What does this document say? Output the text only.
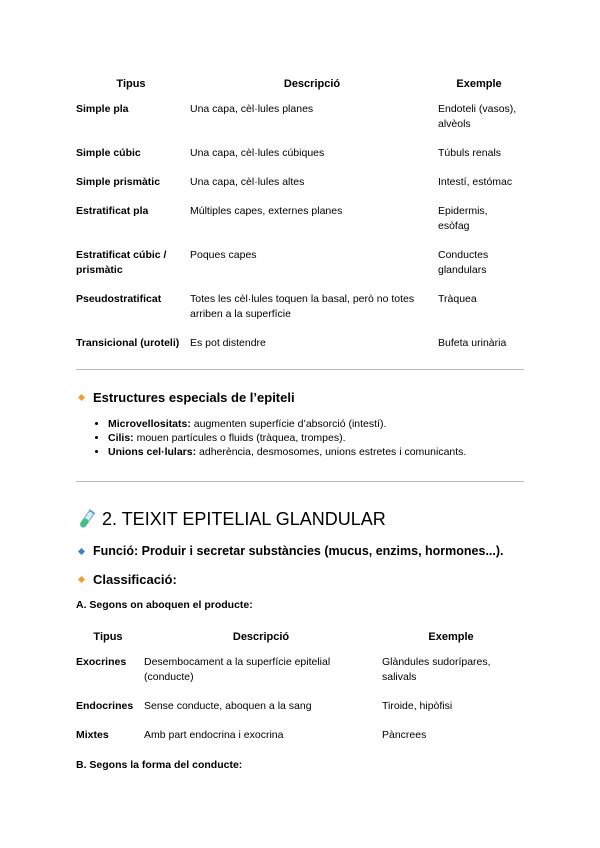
Tipus	Descripció	Exemple
Simple pla	Una capa, cèl·lules planes	Endoteli (vasos), alvèols
Simple cúbic	Una capa, cèl·lules cúbiques	Túbuls renals
Simple prismàtic	Una capa, cèl·lules altes	Intestí, estómac
Estratificat pla	Múltiples capes, externes planes	Epidermis, esòfag
Estratificat cúbic / prismàtic	Poques capes	Conductes glandulars
Pseudostratificat	Totes les cèl·lules toquen la basal, però no totes arriben a la superfície	Tràquea
Transicional (uroteli)	Es pot distendre	Bufeta urinària
Estructures especials de l’epiteli
• Microvellositats: augmenten superfície d’absorció (intestí).
• Cilis: mouen partícules o fluids (tràquea, trompes).
• Unions cel·lulars: adherència, desmosomes, unions estretes i comunicants.
2. TEIXIT EPITELIAL GLANDULAR
Funció: Produir i secretar substàncies (mucus, enzims, hormones...).
Classificació:
A. Segons on aboquen el producte:
Tipus	Descripció	Exemple
Exocrines	Desembocament a la superfície epitelial (conducte)	Glàndules sudorípares, salivals
Endocrines	Sense conducte, aboquen a la sang	Tiroide, hipòfisi
Mixtes	Amb part endocrina i exocrina	Pàncrees
B. Segons la forma del conducte:
